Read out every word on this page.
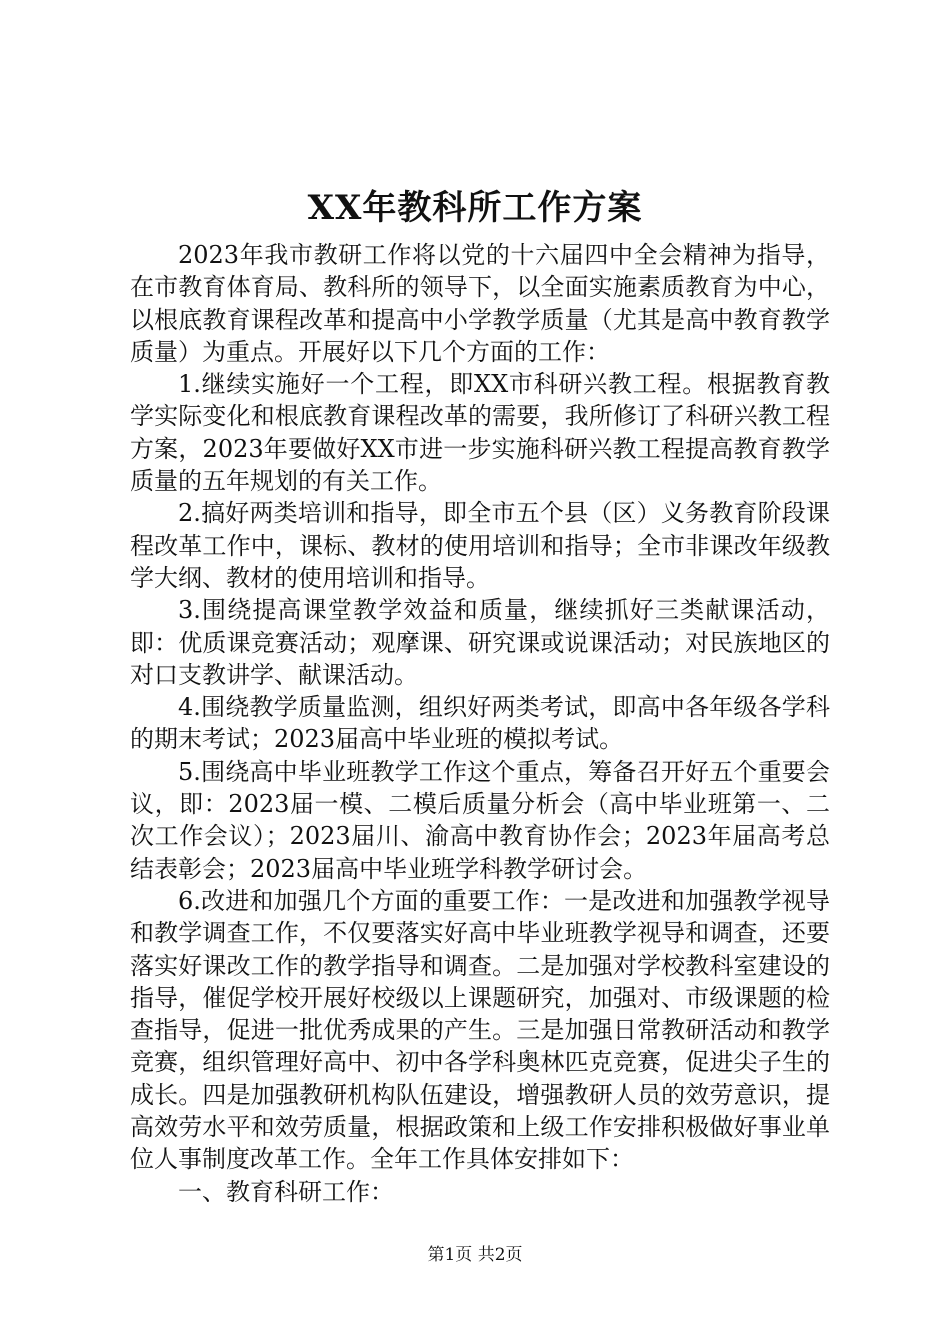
XX年教科所工作方案

2023年我市教研工作将以党的十六届四中全会精神为指导，在市教育体育局、教科所的领导下，以全面实施素质教育为中心，以根底教育课程改革和提高中小学教学质量（尤其是高中教育教学质量）为重点。开展好以下几个方面的工作：

1.继续实施好一个工程，即XX市科研兴教工程。根据教育教学实际变化和根底教育课程改革的需要，我所修订了科研兴教工程方案，2023年要做好XX市进一步实施科研兴教工程提高教育教学质量的五年规划的有关工作。

2.搞好两类培训和指导，即全市五个县（区）义务教育阶段课程改革工作中，课标、教材的使用培训和指导；全市非课改年级教学大纲、教材的使用培训和指导。

3.围绕提高课堂教学效益和质量，继续抓好三类献课活动，即：优质课竞赛活动；观摩课、研究课或说课活动；对民族地区的对口支教讲学、献课活动。

4.围绕教学质量监测，组织好两类考试，即高中各年级各学科的期末考试；2023届高中毕业班的模拟考试。

5.围绕高中毕业班教学工作这个重点，筹备召开好五个重要会议，即：2023届一模、二模后质量分析会（高中毕业班第一、二次工作会议）；2023届川、渝高中教育协作会；2023年届高考总结表彰会；2023届高中毕业班学科教学研讨会。

6.改进和加强几个方面的重要工作：一是改进和加强教学视导和教学调查工作，不仅要落实好高中毕业班教学视导和调查，还要落实好课改工作的教学指导和调查。二是加强对学校教科室建设的指导，催促学校开展好校级以上课题研究，加强对、市级课题的检查指导，促进一批优秀成果的产生。三是加强日常教研活动和教学竞赛，组织管理好高中、初中各学科奥林匹克竞赛，促进尖子生的成长。四是加强教研机构队伍建设，增强教研人员的效劳意识，提高效劳水平和效劳质量，根据政策和上级工作安排积极做好事业单位人事制度改革工作。全年工作具体安排如下：

一、教育科研工作：

第1页 共2页
